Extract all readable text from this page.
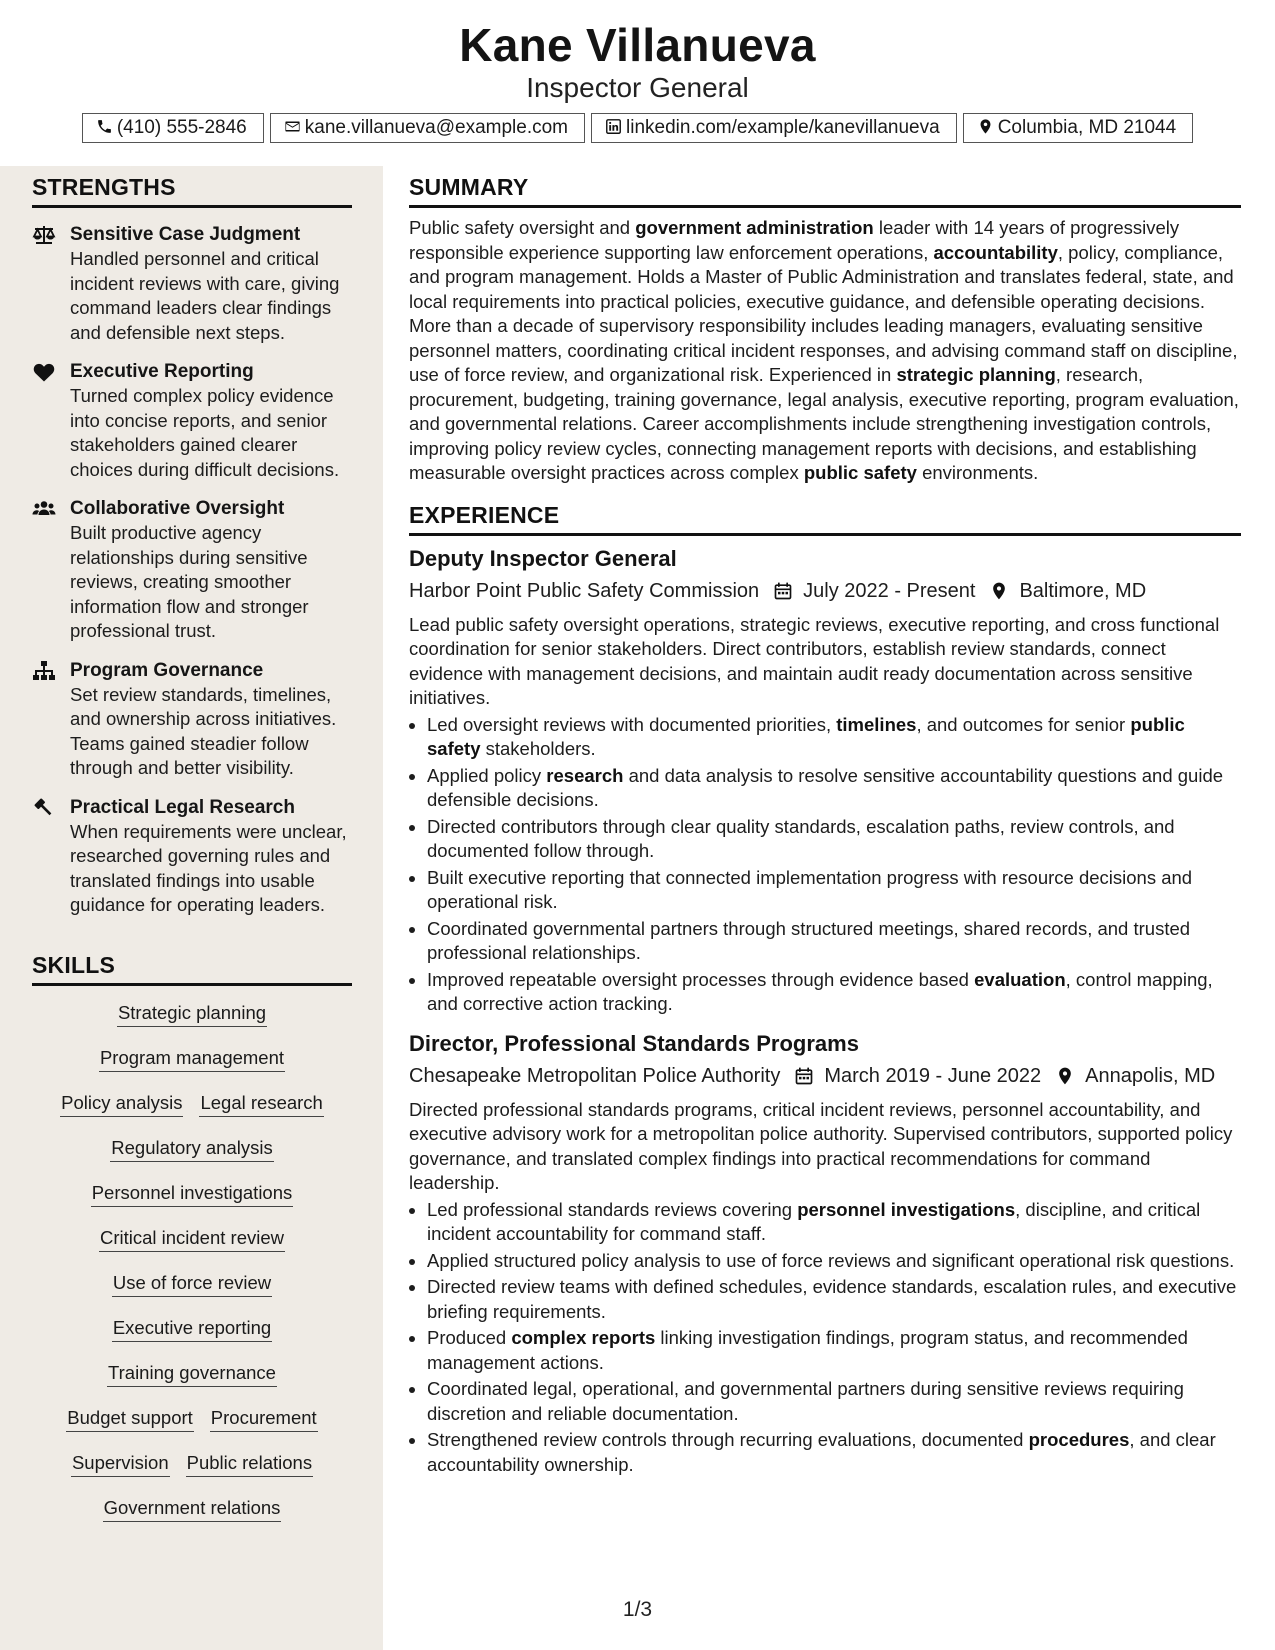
Kane Villanueva
Inspector General
(410) 555-2846	kane.villanueva@example.com	linkedin.com/example/kanevillanueva	Columbia, MD 21044
STRENGTHS
Sensitive Case Judgment
Handled personnel and critical incident reviews with care, giving command leaders clear findings and defensible next steps.
Executive Reporting
Turned complex policy evidence into concise reports, and senior stakeholders gained clearer choices during difficult decisions.
Collaborative Oversight
Built productive agency relationships during sensitive reviews, creating smoother information flow and stronger professional trust.
Program Governance
Set review standards, timelines, and ownership across initiatives. Teams gained steadier follow through and better visibility.
Practical Legal Research
When requirements were unclear, researched governing rules and translated findings into usable guidance for operating leaders.
SKILLS
Strategic planning
Program management
Policy analysis Legal research
Regulatory analysis
Personnel investigations
Critical incident review
Use of force review
Executive reporting
Training governance
Budget support Procurement
Supervision Public relations
Government relations
SUMMARY
Public safety oversight and government administration leader with 14 years of progressively responsible experience supporting law enforcement operations, accountability, policy, compliance, and program management. Holds a Master of Public Administration and translates federal, state, and local requirements into practical policies, executive guidance, and defensible operating decisions. More than a decade of supervisory responsibility includes leading managers, evaluating sensitive personnel matters, coordinating critical incident responses, and advising command staff on discipline, use of force review, and organizational risk. Experienced in strategic planning, research, procurement, budgeting, training governance, legal analysis, executive reporting, program evaluation, and governmental relations. Career accomplishments include strengthening investigation controls, improving policy review cycles, connecting management reports with decisions, and establishing measurable oversight practices across complex public safety environments.
EXPERIENCE
Deputy Inspector General
Harbor Point Public Safety Commission July 2022 - Present Baltimore, MD
Lead public safety oversight operations, strategic reviews, executive reporting, and cross functional coordination for senior stakeholders. Direct contributors, establish review standards, connect evidence with management decisions, and maintain audit ready documentation across sensitive initiatives.
• Led oversight reviews with documented priorities, timelines, and outcomes for senior public safety stakeholders.
• Applied policy research and data analysis to resolve sensitive accountability questions and guide defensible decisions.
• Directed contributors through clear quality standards, escalation paths, review controls, and documented follow through.
• Built executive reporting that connected implementation progress with resource decisions and operational risk.
• Coordinated governmental partners through structured meetings, shared records, and trusted professional relationships.
• Improved repeatable oversight processes through evidence based evaluation, control mapping, and corrective action tracking.
Director, Professional Standards Programs
Chesapeake Metropolitan Police Authority March 2019 - June 2022 Annapolis, MD
Directed professional standards programs, critical incident reviews, personnel accountability, and executive advisory work for a metropolitan police authority. Supervised contributors, supported policy governance, and translated complex findings into practical recommendations for command leadership.
• Led professional standards reviews covering personnel investigations, discipline, and critical incident accountability for command staff.
• Applied structured policy analysis to use of force reviews and significant operational risk questions.
• Directed review teams with defined schedules, evidence standards, escalation rules, and executive briefing requirements.
• Produced complex reports linking investigation findings, program status, and recommended management actions.
• Coordinated legal, operational, and governmental partners during sensitive reviews requiring discretion and reliable documentation.
• Strengthened review controls through recurring evaluations, documented procedures, and clear accountability ownership.
1/3
